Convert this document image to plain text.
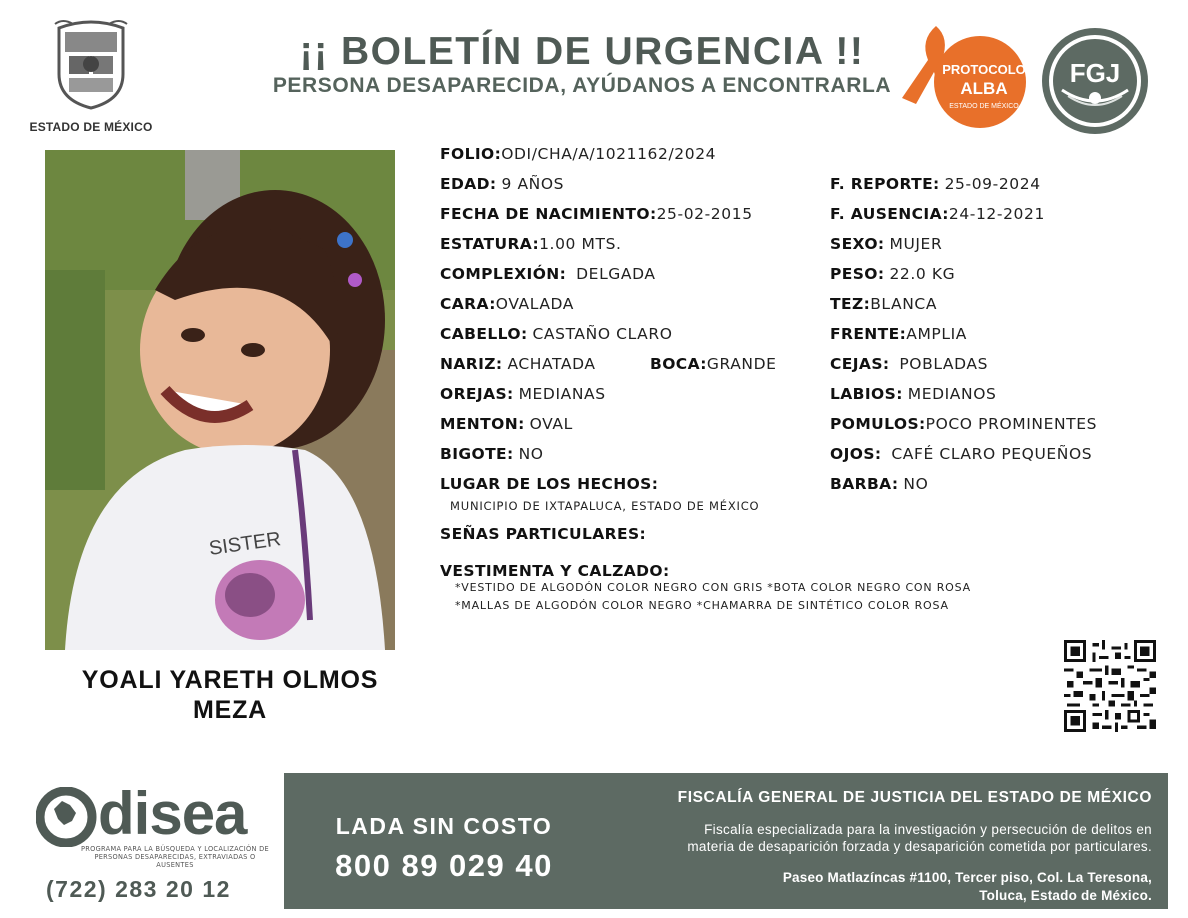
ESTADO DE MÉXICO
¡¡ BOLETÍN DE URGENCIA !!
PERSONA DESAPARECIDA, AYÚDANOS A ENCONTRARLA
PROTOCOLO
ALBA
ESTADO DE MÉXICO
FGJ
SISTER
YOALI YARETH OLMOS
MEZA
FOLIO:ODI/CHA/A/1021162/2024
EDAD: 9 AÑOS
FECHA DE NACIMIENTO:25-02-2015
ESTATURA:1.00 MTS.
COMPLEXIÓN: DELGADA
CARA:OVALADA
CABELLO: CASTAÑO CLARO
NARIZ: ACHATADA	BOCA:GRANDE
OREJAS: MEDIANAS
MENTON: OVAL
BIGOTE: NO
LUGAR DE LOS HECHOS:
MUNICIPIO DE IXTAPALUCA, ESTADO DE MÉXICO
SEÑAS PARTICULARES:
VESTIMENTA Y CALZADO:
*VESTIDO DE ALGODÓN COLOR NEGRO CON GRIS *BOTA COLOR NEGRO CON ROSA
*MALLAS DE ALGODÓN COLOR NEGRO *CHAMARRA DE SINTÉTICO COLOR ROSA
F. REPORTE: 25-09-2024
F. AUSENCIA:24-12-2021
SEXO: MUJER
PESO: 22.0 KG
TEZ:BLANCA
FRENTE:AMPLIA
CEJAS: POBLADAS
LABIOS: MEDIANOS
POMULOS:POCO PROMINENTES
OJOS: CAFÉ CLARO PEQUEÑOS
BARBA: NO
disea
PROGRAMA PARA LA BÚSQUEDA Y LOCALIZACIÓN DE PERSONAS DESAPARECIDAS, EXTRAVIADAS O AUSENTES
(722) 283 20 12
LADA SIN COSTO
800 89 029 40
FISCALÍA GENERAL DE JUSTICIA DEL ESTADO DE MÉXICO
Fiscalía especializada para la investigación y persecución de delitos en
materia de desaparición forzada y desaparición cometida por particulares.
Paseo Matlazíncas #1100, Tercer piso, Col. La Teresona,
Toluca, Estado de México.
